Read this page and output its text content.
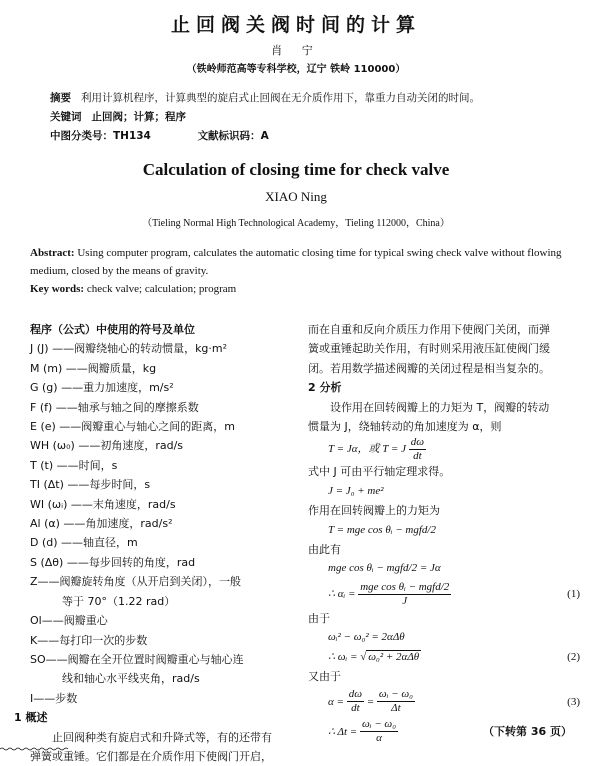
止回阀关阀时间的计算
肖 宁
（铁岭师范高等专科学校，辽宁 铁岭 110000）
摘要 利用计算机程序，计算典型的旋启式止回阀在无介质作用下，靠重力自动关闭的时间。
关键词 止回阀；计算；程序
中图分类号：TH134	文献标识码：A
Calculation of closing time for check valve
XIAO Ning
（Tieling Normal High Technological Academy，Tieling 112000，China）
Abstract: Using computer program, calculates the automatic closing time for typical swing check valve without flowing medium, closed by the means of gravity.
Key words: check valve; calculation; program
程序（公式）中使用的符号及单位
J (J) ——阀瓣绕轴心的转动惯量，kg·m²
M (m) ——阀瓣质量，kg
G (g) ——重力加速度，m/s²
F (f) ——轴承与轴之间的摩擦系数
E (e) ——阀瓣重心与轴心之间的距离，m
WH (ω₀) ——初角速度，rad/s
T (t) ——时间，s
TI (Δt) ——每步时间，s
WI (ωᵢ) ——末角速度，rad/s
Al (α) ——角加速度，rad/s²
D (d) ——轴直径，m
S (Δθ) ——每步回转的角度，rad
Z——阀瓣旋转角度（从开启到关闭），一般
等于 70°（1.22 rad）
Ol——阀瓣重心
K——每打印一次的步数
SO——阀瓣在全开位置时阀瓣重心与轴心连
线和轴心水平线夹角，rad/s
I——步数
1 概述
止回阀种类有旋启式和升降式等，有的还带有
弹簧或重锤。它们都是在介质作用下使阀门开启，
而在自重和反向介质压力作用下使阀门关闭，而弹
簧或重锤起助关作用，有时则采用液压缸使阀门缓
闭。若用数学描述阀瓣的关闭过程是相当复杂的。
2 分析
设作用在回转阀瓣上的力矩为 T，阀瓣的转动
惯量为 J，绕轴转动的角加速度为 α，则
T = Jα，或 T = J $\frac{d\omega}{dt}$
式中 J 可由平行轴定理求得。
J = J₀ + me²
作用在回转阀瓣上的力矩为
T = mge cos θᵢ − mgfd/2
由此有
mge cos θᵢ − mgfd/2 = Jα
∴ αᵢ = $\frac{\text{mge cos θᵢ − mgfd/2}}{J}$	(1)
由于
ωᵢ² − ω₀² = 2αΔθ
∴ ωᵢ = √ ω₀² + 2αΔθ	(2)
又由于
$\alpha = \frac{d\omega}{dt} = \frac{\text{ωᵢ − ω₀}}{\Delta t}$	(3)
∴ $\Delta t = \frac{\text{ωᵢ − ω₀}}{\alpha}$	（下转第 36 页）
